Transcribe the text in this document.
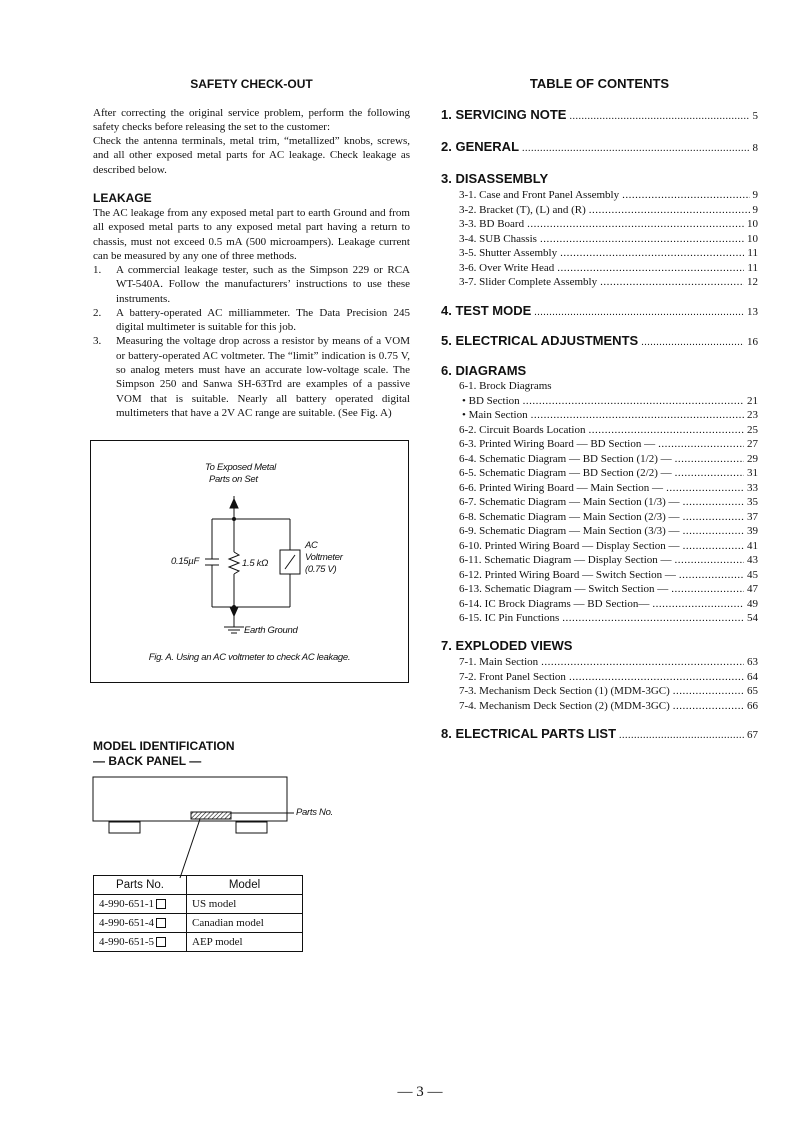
SAFETY CHECK-OUT
After correcting the original service problem, perform the following safety checks before releasing the set to the customer:
Check the antenna terminals, metal trim, “metallized” knobs, screws, and all other exposed metal parts for AC leakage. Check leakage as described below.
LEAKAGE
The AC leakage from any exposed metal part to earth Ground and from all exposed metal parts to any exposed metal part having a return to chassis, must not exceed 0.5 mA (500 microampers). Leakage current can be measured by any one of three methods.
1.	A commercial leakage tester, such as the Simpson 229 or RCA WT-540A. Follow the manufacturers’ instructions to use these instruments.
2.	A battery-operated AC milliammeter. The Data Precision 245 digital multimeter is suitable for this job.
3.	Measuring the voltage drop across a resistor by means of a VOM or battery-operated AC voltmeter. The “limit” indication is 0.75 V, so analog meters must have an accurate low-voltage scale. The Simpson 250 and Sanwa SH-63Trd are examples of a passive VOM that is suitable. Nearly all battery operated digital multimeters that have a 2V AC range are suitable. (See Fig. A)
To Exposed Metal
Parts on Set
0.15µF	1.5 kΩ
AC
Voltmeter
(0.75 V)
Earth Ground
Fig. A. Using an AC voltmeter to check AC leakage.
MODEL IDENTIFICATION
— BACK PANEL —
Parts No.
Parts No.	Model
4-990-651-1	US model
4-990-651-4	Canadian model
4-990-651-5	AEP model
TABLE OF CONTENTS
1. SERVICING NOTE .....	5
2. GENERAL .....	8
3. DISASSEMBLY
3-1. Case and Front Panel Assembly .....	9
3-2. Bracket (T), (L) and (R) .....	9
3-3. BD Board .....	10
3-4. SUB Chassis .....	10
3-5. Shutter Assembly .....	11
3-6. Over Write Head .....	11
3-7. Slider Complete Assembly .....	12
4. TEST MODE .....	13
5. ELECTRICAL ADJUSTMENTS .....	16
6. DIAGRAMS
6-1. Brock Diagrams
• BD Section .....	21
• Main Section .....	23
6-2. Circuit Boards Location .....	25
6-3. Printed Wiring Board — BD Section — .....	27
6-4. Schematic Diagram — BD Section (1/2) — .....	29
6-5. Schematic Diagram — BD Section (2/2) — .....	31
6-6. Printed Wiring Board — Main Section — .....	33
6-7. Schematic Diagram — Main Section (1/3) — .....	35
6-8. Schematic Diagram — Main Section (2/3) — .....	37
6-9. Schematic Diagram — Main Section (3/3) — .....	39
6-10. Printed Wiring Board — Display Section — .....	41
6-11. Schematic Diagram — Display Section — .....	43
6-12. Printed Wiring Board — Switch Section — .....	45
6-13. Schematic Diagram — Switch Section — .....	47
6-14. IC Brock Diagrams — BD Section— .....	49
6-15. IC Pin Functions .....	54
7. EXPLODED VIEWS
7-1. Main Section .....	63
7-2. Front Panel Section .....	64
7-3. Mechanism Deck Section (1) (MDM-3GC) .....	65
7-4. Mechanism Deck Section (2) (MDM-3GC) .....	66
8. ELECTRICAL PARTS LIST .....	67
— 3 —
